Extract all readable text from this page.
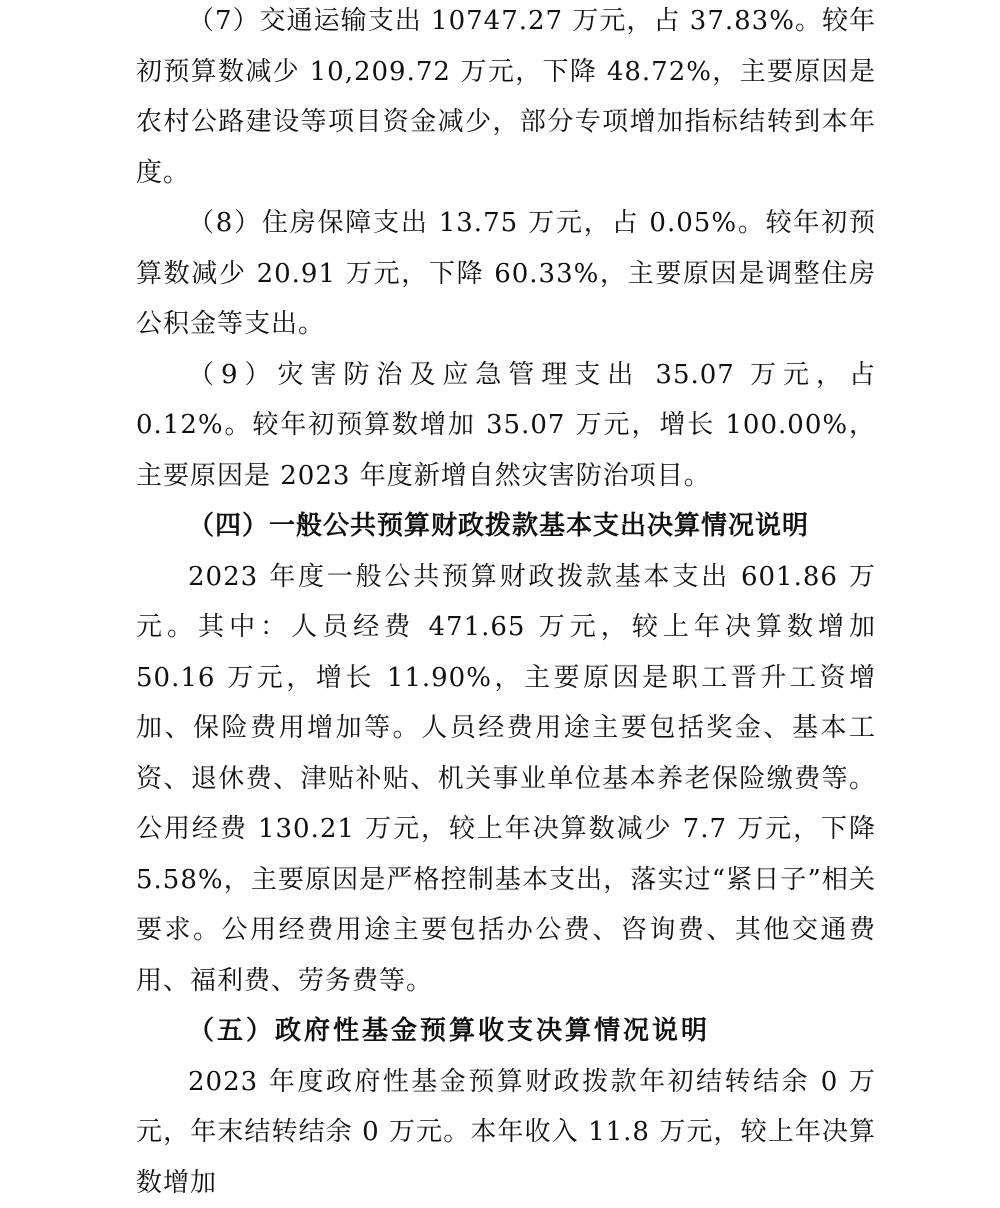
（7）交通运输支出 10747.27 万元，占 37.83%。较年初预算数减少 10,209.72 万元，下降 48.72%，主要原因是农村公路建设等项目资金减少，部分专项增加指标结转到本年度。

（8）住房保障支出 13.75 万元，占 0.05%。较年初预算数减少 20.91 万元，下降 60.33%，主要原因是调整住房公积金等支出。

（9）灾害防治及应急管理支出 35.07 万元，占 0.12%。较年初预算数增加 35.07 万元，增长 100.00%，主要原因是 2023 年度新增自然灾害防治项目。

（四）一般公共预算财政拨款基本支出决算情况说明

2023 年度一般公共预算财政拨款基本支出 601.86 万元。其中：人员经费 471.65 万元，较上年决算数增加 50.16 万元，增长 11.90%，主要原因是职工晋升工资增加、保险费用增加等。人员经费用途主要包括奖金、基本工资、退休费、津贴补贴、机关事业单位基本养老保险缴费等。公用经费 130.21 万元，较上年决算数减少 7.7 万元，下降 5.58%，主要原因是严格控制基本支出，落实过“紧日子”相关要求。公用经费用途主要包括办公费、咨询费、其他交通费用、福利费、劳务费等。

（五）政府性基金预算收支决算情况说明

2023 年度政府性基金预算财政拨款年初结转结余 0 万元，年末结转结余 0 万元。本年收入 11.8 万元，较上年决算数增加
